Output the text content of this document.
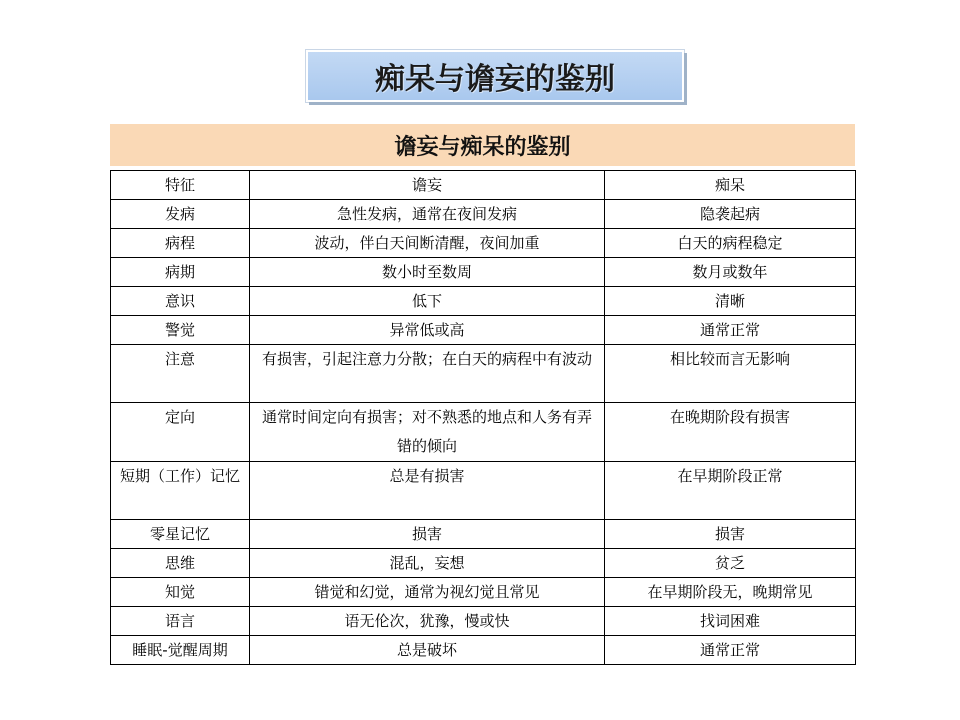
痴呆与谵妄的鉴别
谵妄与痴呆的鉴别
特征	谵妄	痴呆
发病	急性发病，通常在夜间发病	隐袭起病
病程	波动，伴白天间断清醒，夜间加重	白天的病程稳定
病期	数小时至数周	数月或数年
意识	低下	清晰
警觉	异常低或高	通常正常
注意	有损害，引起注意力分散；在白天的病程中有波动	相比较而言无影响
定向	通常时间定向有损害；对不熟悉的地点和人务有弄错的倾向	在晚期阶段有损害
短期（工作）记忆	总是有损害	在早期阶段正常
零星记忆	损害	损害
思维	混乱，妄想	贫乏
知觉	错觉和幻觉，通常为视幻觉且常见	在早期阶段无，晚期常见
语言	语无伦次，犹豫，慢或快	找词困难
睡眠-觉醒周期	总是破坏	通常正常
